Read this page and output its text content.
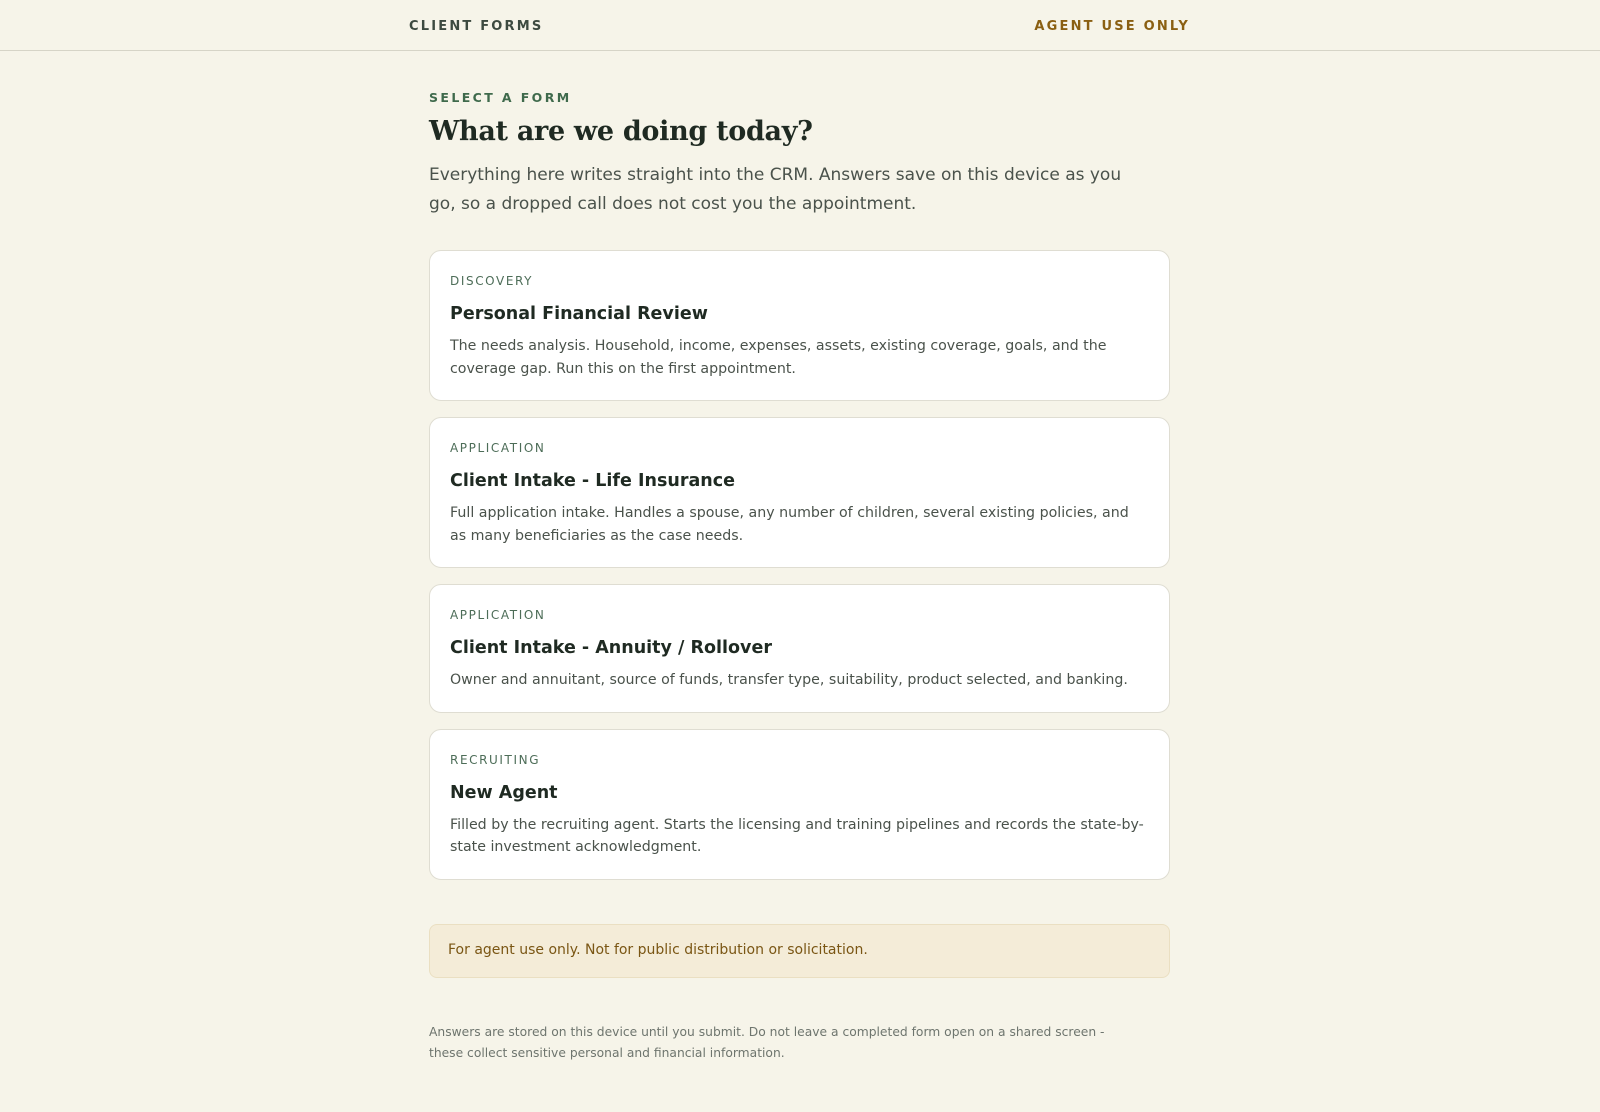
CLIENT FORMS	AGENT USE ONLY
SELECT A FORM
What are we doing today?
Everything here writes straight into the CRM. Answers save on this device as you go, so a dropped call does not cost you the appointment.
DISCOVERY
Personal Financial Review
The needs analysis. Household, income, expenses, assets, existing coverage, goals, and the coverage gap. Run this on the first appointment.
APPLICATION
Client Intake - Life Insurance
Full application intake. Handles a spouse, any number of children, several existing policies, and as many beneficiaries as the case needs.
APPLICATION
Client Intake - Annuity / Rollover
Owner and annuitant, source of funds, transfer type, suitability, product selected, and banking.
RECRUITING
New Agent
Filled by the recruiting agent. Starts the licensing and training pipelines and records the state-by-state investment acknowledgment.
For agent use only. Not for public distribution or solicitation.
Answers are stored on this device until you submit. Do not leave a completed form open on a shared screen - these collect sensitive personal and financial information.
